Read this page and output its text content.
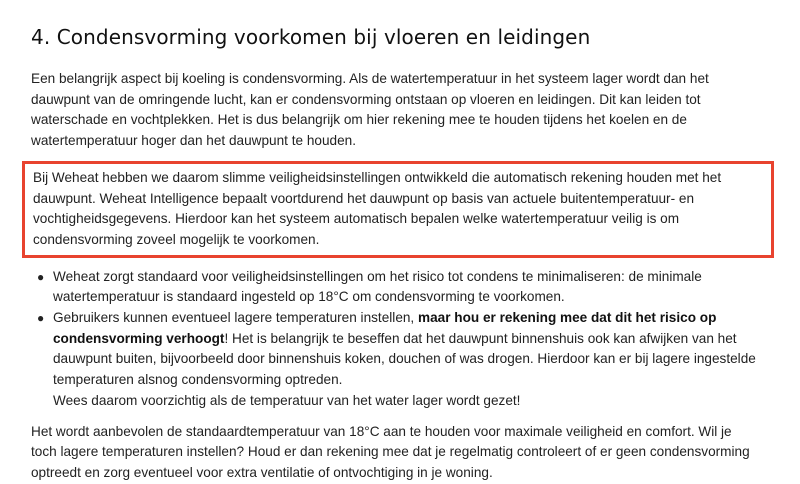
4. Condensvorming voorkomen bij vloeren en leidingen

Een belangrijk aspect bij koeling is condensvorming. Als de watertemperatuur in het systeem lager wordt dan het dauwpunt van de omringende lucht, kan er condensvorming ontstaan op vloeren en leidingen. Dit kan leiden tot waterschade en vochtplekken. Het is dus belangrijk om hier rekening mee te houden tijdens het koelen en de watertemperatuur hoger dan het dauwpunt te houden.

Bij Weheat hebben we daarom slimme veiligheidsinstellingen ontwikkeld die automatisch rekening houden met het dauwpunt. Weheat Intelligence bepaalt voortdurend het dauwpunt op basis van actuele buitentemperatuur- en vochtigheidsgegevens. Hierdoor kan het systeem automatisch bepalen welke watertemperatuur veilig is om condensvorming zoveel mogelijk te voorkomen.

● Weheat zorgt standaard voor veiligheidsinstellingen om het risico tot condens te minimaliseren: de minimale watertemperatuur is standaard ingesteld op 18°C om condensvorming te voorkomen.
● Gebruikers kunnen eventueel lagere temperaturen instellen, maar hou er rekening mee dat dit het risico op condensvorming verhoogt! Het is belangrijk te beseffen dat het dauwpunt binnenshuis ook kan afwijken van het dauwpunt buiten, bijvoorbeeld door binnenshuis koken, douchen of was drogen. Hierdoor kan er bij lagere ingestelde temperaturen alsnog condensvorming optreden.
Wees daarom voorzichtig als de temperatuur van het water lager wordt gezet!

Het wordt aanbevolen de standaardtemperatuur van 18°C aan te houden voor maximale veiligheid en comfort. Wil je toch lagere temperaturen instellen? Houd er dan rekening mee dat je regelmatig controleert of er geen condensvorming optreedt en zorg eventueel voor extra ventilatie of ontvochtiging in je woning.
